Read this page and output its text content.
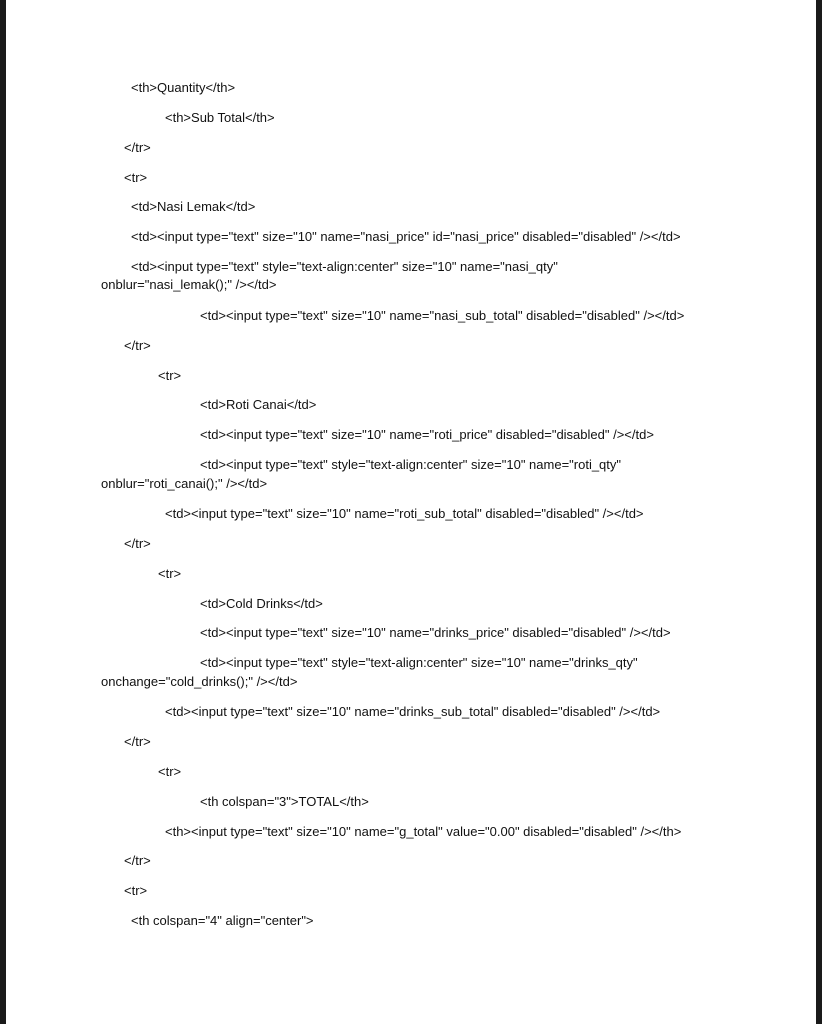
<th>Quantity</th>
<th>Sub Total</th>
</tr>
<tr>
<td>Nasi Lemak</td>
<td><input type="text" size="10" name="nasi_price" id="nasi_price" disabled="disabled" /></td>
<td><input type="text" style="text-align:center" size="10" name="nasi_qty"
onblur="nasi_lemak();" /></td>
<td><input type="text" size="10" name="nasi_sub_total" disabled="disabled" /></td>
</tr>
<tr>
<td>Roti Canai</td>
<td><input type="text" size="10" name="roti_price" disabled="disabled" /></td>
<td><input type="text" style="text-align:center" size="10" name="roti_qty"
onblur="roti_canai();" /></td>
<td><input type="text" size="10" name="roti_sub_total" disabled="disabled" /></td>
</tr>
<tr>
<td>Cold Drinks</td>
<td><input type="text" size="10" name="drinks_price" disabled="disabled" /></td>
<td><input type="text" style="text-align:center" size="10" name="drinks_qty"
onchange="cold_drinks();" /></td>
<td><input type="text" size="10" name="drinks_sub_total" disabled="disabled" /></td>
</tr>
<tr>
<th colspan="3">TOTAL</th>
<th><input type="text" size="10" name="g_total" value="0.00" disabled="disabled" /></th>
</tr>
<tr>
<th colspan="4" align="center">
